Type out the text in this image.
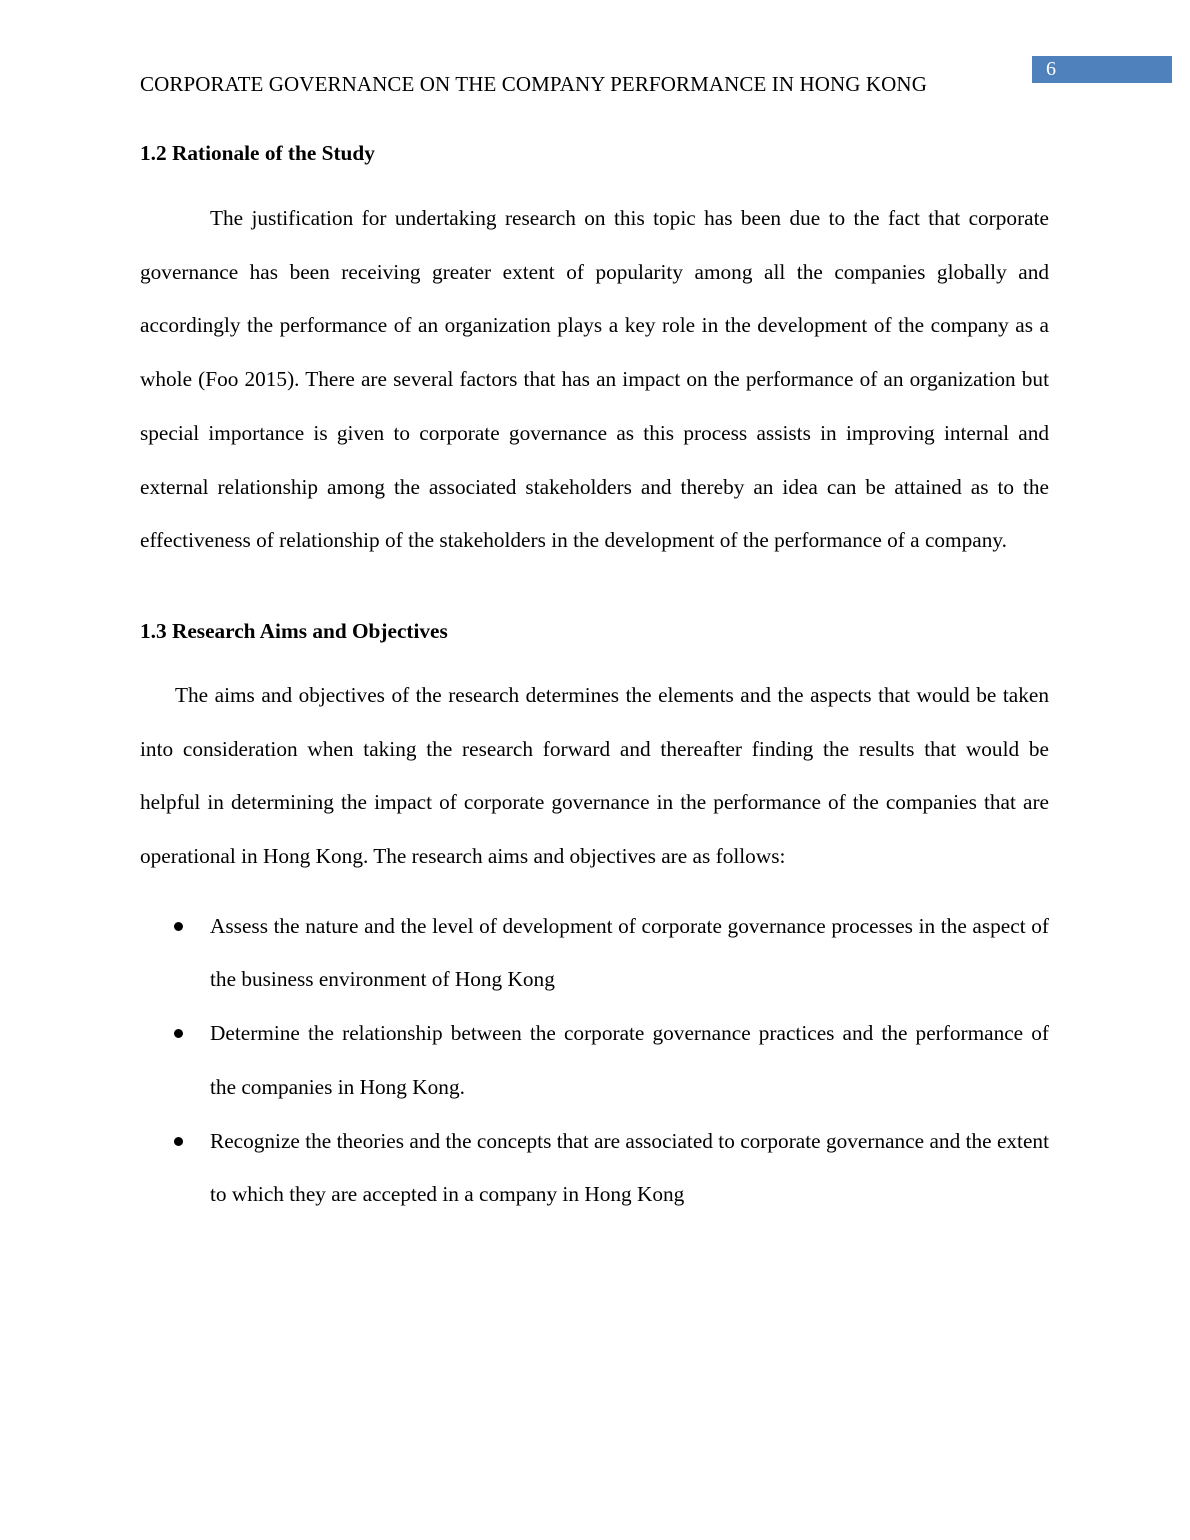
CORPORATE GOVERNANCE ON THE COMPANY PERFORMANCE IN HONG KONG
6
1.2 Rationale of the Study

The justification for undertaking research on this topic has been due to the fact that corporate governance has been receiving greater extent of popularity among all the companies globally and accordingly the performance of an organization plays a key role in the development of the company as a whole (Foo 2015). There are several factors that has an impact on the performance of an organization but special importance is given to corporate governance as this process assists in improving internal and external relationship among the associated stakeholders and thereby an idea can be attained as to the effectiveness of relationship of the stakeholders in the development of the performance of a company.

1.3 Research Aims and Objectives

The aims and objectives of the research determines the elements and the aspects that would be taken into consideration when taking the research forward and thereafter finding the results that would be helpful in determining the impact of corporate governance in the performance of the companies that are operational in Hong Kong. The research aims and objectives are as follows:

Assess the nature and the level of development of corporate governance processes in the aspect of the business environment of Hong Kong
Determine the relationship between the corporate governance practices and the performance of the companies in Hong Kong.
Recognize the theories and the concepts that are associated to corporate governance and the extent to which they are accepted in a company in Hong Kong
